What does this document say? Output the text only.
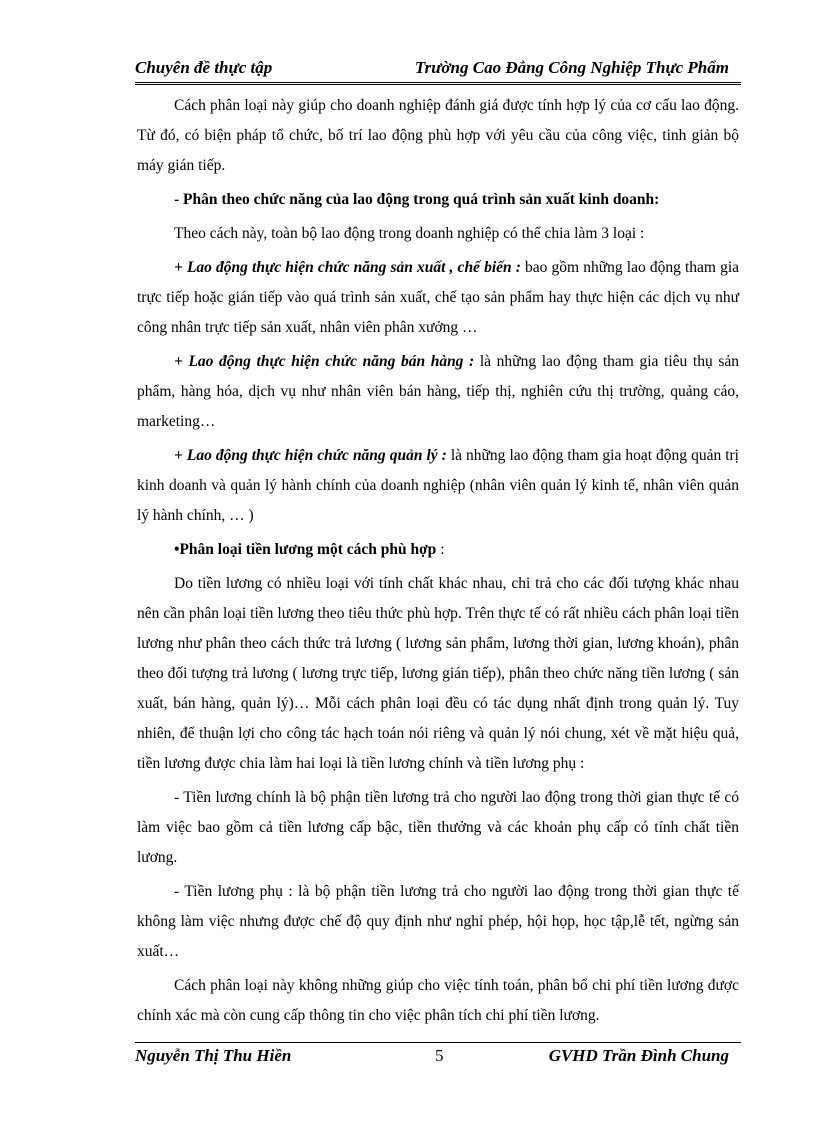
Chuyên đề thực tập	Trường Cao Đẳng Công Nghiệp Thực Phẩm

Cách phân loại này giúp cho doanh nghiệp đánh giá được tính hợp lý của cơ cấu lao động. Từ đó, có biện pháp tổ chức, bố trí lao động phù hợp với yêu cầu của công việc, tinh giản bộ máy gián tiếp.

- Phân theo chức năng của lao động trong quá trình sản xuất kinh doanh:

Theo cách này, toàn bộ lao động trong doanh nghiệp có thể chia làm 3 loại :

+ Lao động thực hiện chức năng sản xuất , chế biến : bao gồm những lao động tham gia trực tiếp hoặc gián tiếp vào quá trình sản xuất, chế tạo sản phẩm hay thực hiện các dịch vụ như công nhân trực tiếp sản xuất, nhân viên phân xưởng …

+ Lao động thực hiện chức năng bán hàng : là những lao động tham gia tiêu thụ sản phẩm, hàng hóa, dịch vụ như nhân viên bán hàng, tiếp thị, nghiên cứu thị trường, quảng cáo, marketing…

+ Lao động thực hiện chức năng quản lý : là những lao động tham gia hoạt động quản trị kinh doanh và quản lý hành chính của doanh nghiệp (nhân viên quản lý kinh tế, nhân viên quản lý hành chính, … )

•Phân loại tiền lương một cách phù hợp :

Do tiền lương có nhiều loại với tính chất khác nhau, chi trả cho các đối tượng khác nhau nên cần phân loại tiền lương theo tiêu thức phù hợp. Trên thực tế có rất nhiều cách phân loại tiền lương như phân theo cách thức trả lương ( lương sản phẩm, lương thời gian, lương khoán), phân theo đối tượng trả lương ( lương trực tiếp, lương gián tiếp), phân theo chức năng tiền lương ( sản xuất, bán hàng, quản lý)… Mỗi cách phân loại đều có tác dụng nhất định trong quản lý. Tuy nhiên, để thuận lợi cho công tác hạch toán nói riêng và quản lý nói chung, xét về mặt hiệu quả, tiền lương được chia làm hai loại là tiền lương chính và tiền lương phụ :

- Tiền lương chính là bộ phận tiền lương trả cho người lao động trong thời gian thực tế có làm việc bao gồm cả tiền lương cấp bậc, tiền thưởng và các khoản phụ cấp có tính chất tiền lương.

- Tiền lương phụ : là bộ phận tiền lương trả cho người lao động trong thời gian thực tế không làm việc nhưng được chế độ quy định như nghỉ phép, hội họp, học tập,lễ tết, ngừng sản xuất…

Cách phân loại này không những giúp cho việc tính toán, phân bổ chi phí tiền lương được chính xác mà còn cung cấp thông tin cho việc phân tích chi phí tiền lương.

Nguyễn Thị Thu Hiền	5	GVHD Trần Đình Chung
